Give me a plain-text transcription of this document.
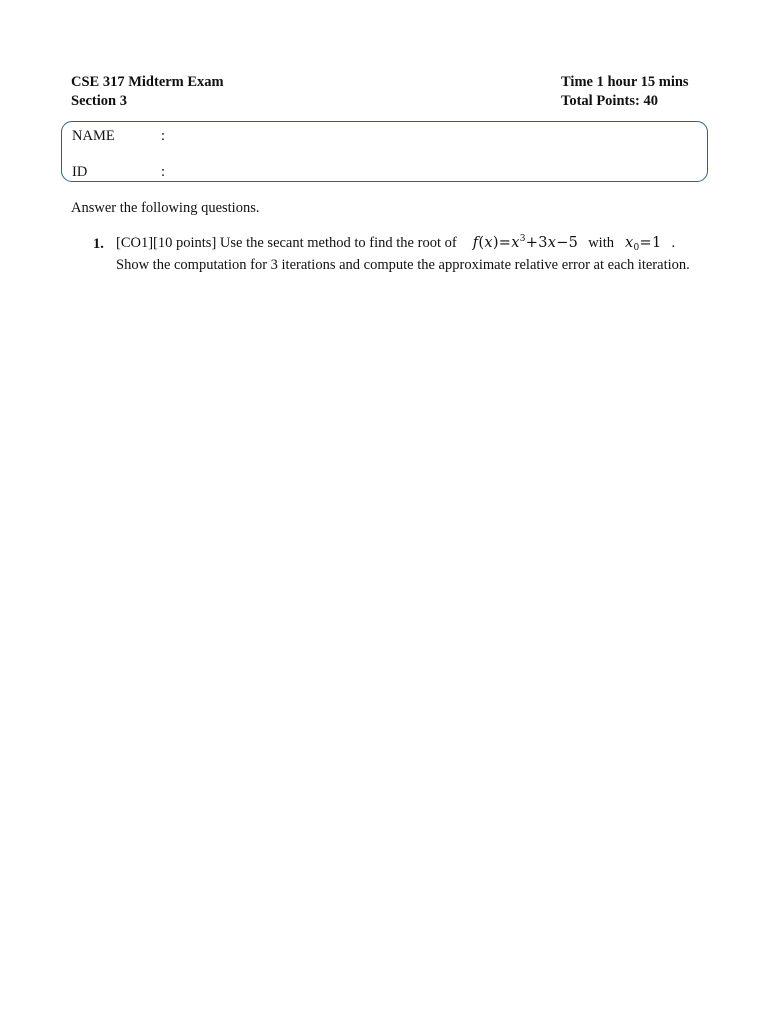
CSE 317 Midterm Exam
Section 3
Time 1 hour 15 mins
Total Points: 40
NAME	:
ID	:
Answer the following questions.
1. [CO1][10 points] Use the secant method to find the root of $f(x)=x^3+3x-5$ with $x_0=1$ .
Show the computation for 3 iterations and compute the approximate relative error at each iteration.
